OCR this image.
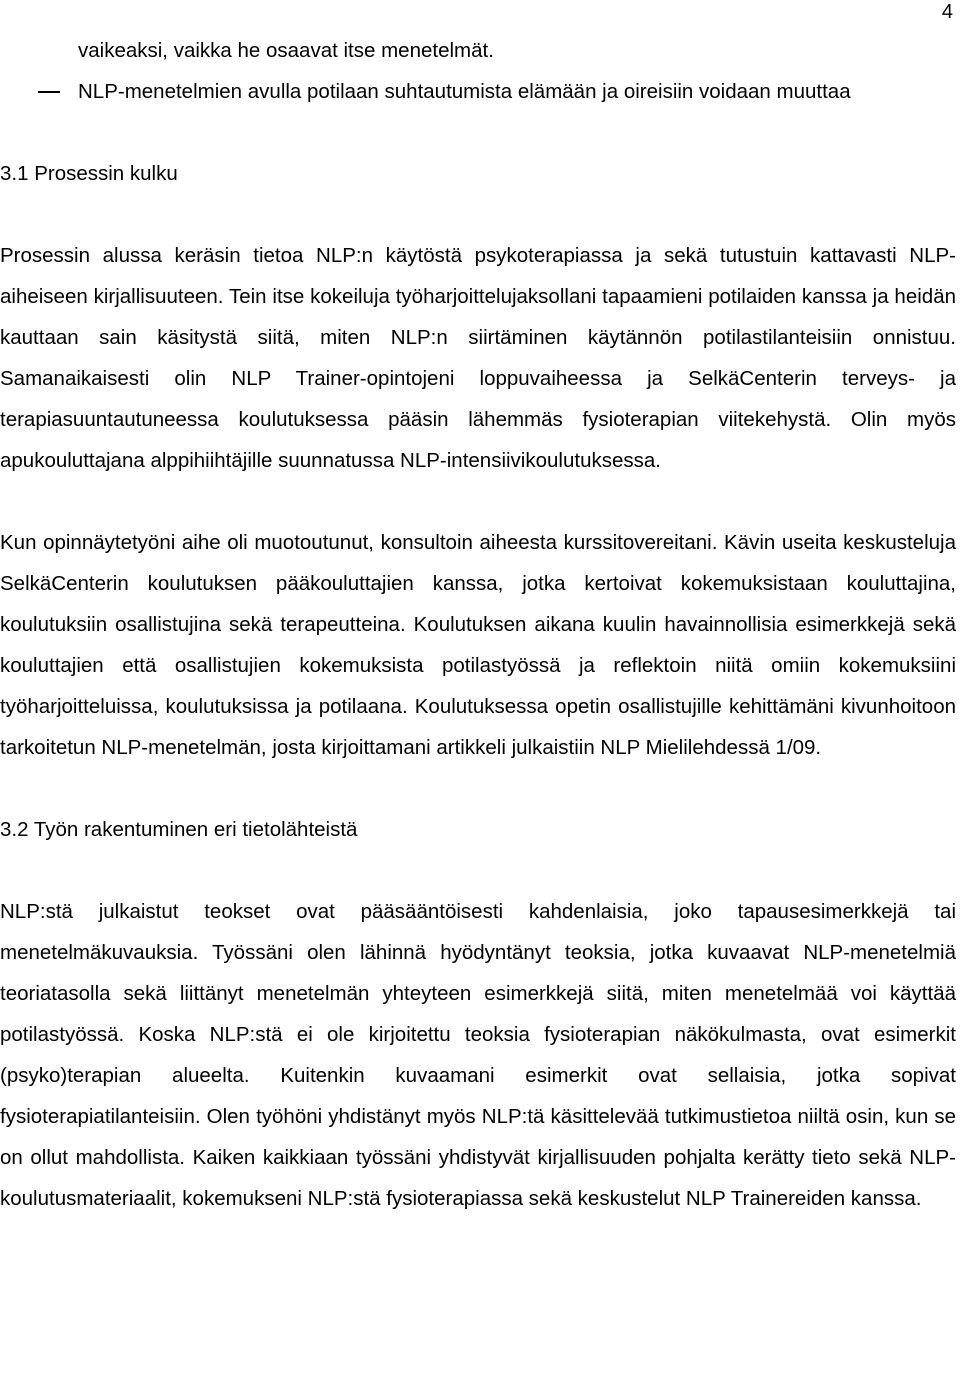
4
vaikeaksi, vaikka he osaavat itse menetelmät.
NLP-menetelmien avulla potilaan suhtautumista elämään ja oireisiin voidaan muuttaa
3.1 Prosessin kulku

Prosessin alussa keräsin tietoa NLP:n käytöstä psykoterapiassa ja sekä tutustuin kattavasti NLP-aiheiseen kirjallisuuteen. Tein itse kokeiluja työharjoittelujaksollani tapaamieni potilaiden kanssa ja heidän kauttaan sain käsitystä siitä, miten NLP:n siirtäminen käytännön potilastilanteisiin onnistuu. Samanaikaisesti olin NLP Trainer-opintojeni loppuvaiheessa ja SelkäCenterin terveys- ja terapiasuuntautuneessa koulutuksessa pääsin lähemmäs fysioterapian viitekehystä. Olin myös apukouluttajana alppihiihtäjille suunnatussa NLP-intensiivikoulutuksessa.

Kun opinnäytetyöni aihe oli muotoutunut, konsultoin aiheesta kurssitovereitani. Kävin useita keskusteluja SelkäCenterin koulutuksen pääkouluttajien kanssa, jotka kertoivat kokemuksistaan kouluttajina, koulutuksiin osallistujina sekä terapeutteina. Koulutuksen aikana kuulin havainnollisia esimerkkejä sekä kouluttajien että osallistujien kokemuksista potilastyössä ja reflektoin niitä omiin kokemuksiini työharjoitteluissa, koulutuksissa ja potilaana. Koulutuksessa opetin osallistujille kehittämäni kivunhoitoon tarkoitetun NLP-menetelmän, josta kirjoittamani artikkeli julkaistiin NLP Mielilehdessä 1/09.

3.2 Työn rakentuminen eri tietolähteistä

NLP:stä julkaistut teokset ovat pääsääntöisesti kahdenlaisia, joko tapausesimerkkejä tai menetelmäkuvauksia. Työssäni olen lähinnä hyödyntänyt teoksia, jotka kuvaavat NLP-menetelmiä teoriatasolla sekä liittänyt menetelmän yhteyteen esimerkkejä siitä, miten menetelmää voi käyttää potilastyössä. Koska NLP:stä ei ole kirjoitettu teoksia fysioterapian näkökulmasta, ovat esimerkit (psyko)terapian alueelta. Kuitenkin kuvaamani esimerkit ovat sellaisia, jotka sopivat fysioterapiatilanteisiin. Olen työhöni yhdistänyt myös NLP:tä käsittelevää tutkimustietoa niiltä osin, kun se on ollut mahdollista. Kaiken kaikkiaan työssäni yhdistyvät kirjallisuuden pohjalta kerätty tieto sekä NLP-koulutusmateriaalit, kokemukseni NLP:stä fysioterapiassa sekä keskustelut NLP Trainereiden kanssa.
